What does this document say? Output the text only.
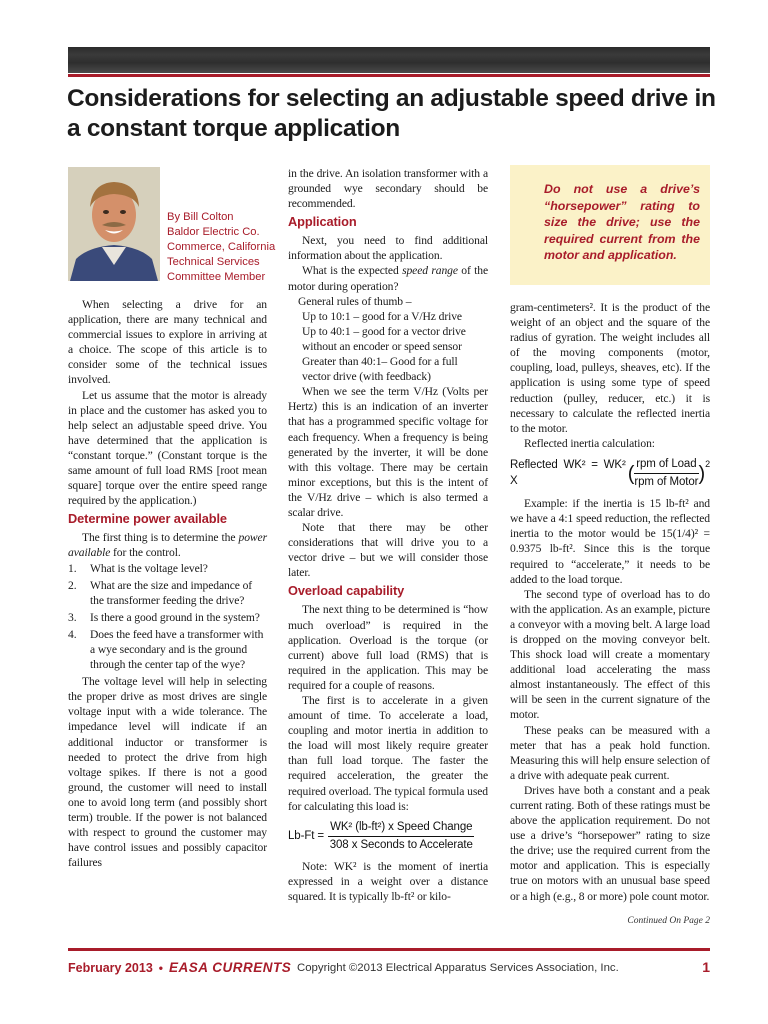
Considerations for selecting an adjustable speed drive in a constant torque application
By Bill Colton
Baldor Electric Co.
Commerce, California
Technical Services
Committee Member

When selecting a drive for an application, there are many technical and commercial issues to explore in arriving at a choice. The scope of this article is to consider some of the technical issues involved.

Let us assume that the motor is already in place and the customer has asked you to help select an adjustable speed drive. You have determined that the application is “constant torque.” (Constant torque is the same amount of full load RMS [root mean square] torque over the entire speed range required by the application.)

Determine power available

The first thing is to determine the power available for the control.

1. What is the voltage level?
2. What are the size and impedance of the transformer feeding the drive?
3. Is there a good ground in the system?
4. Does the feed have a transformer with a wye secondary and is the ground through the center tap of the wye?

The voltage level will help in selecting the proper drive as most drives are single voltage input with a wide tolerance. The impedance level will indicate if an additional inductor or transformer is needed to protect the drive from high voltage spikes. If there is not a good ground, the customer will need to install one to avoid long term (and possibly short term) trouble. If the power is not balanced with respect to ground the customer may have control issues and possibly capacitor failures

in the drive. An isolation transformer with a grounded wye secondary should be recommended.

Application

Next, you need to find additional information about the application.

What is the expected speed range of the motor during operation?

General rules of thumb –

Up to 10:1 – good for a V/Hz drive

Up to 40:1 – good for a vector drive without an encoder or speed sensor

Greater than 40:1– Good for a full vector drive (with feedback)

When we see the term V/Hz (Volts per Hertz) this is an indication of an inverter that has a programmed specific voltage for each frequency. When a frequency is being generated by the inverter, it will be done with this voltage. There may be certain minor exceptions, but this is the intent of the V/Hz drive – which is also termed a scalar drive.

Note that there may be other considerations that will drive you to a vector drive – but we will consider those later.

Overload capability

The next thing to be determined is “how much overload” is required in the application. Overload is the torque (or current) above full load (RMS) that is required in the application. This may be required for a couple of reasons.

The first is to accelerate in a given amount of time. To accelerate a load, coupling and motor inertia in addition to the load will most likely require greater than full load torque. The faster the required acceleration, the greater the required overload. The typical formula used for calculating this load is:

$Lb-Ft = \frac{\text{WK² (lb-ft²) x Speed Change}}{\text{308 x Seconds to Accelerate}}$

Note: WK² is the moment of inertia expressed in a weight over a distance squared. It is typically lb-ft² or kilo-

Do not use a drive’s “horsepower” rating to size the drive; use the required current from the motor and application.

gram-centimeters². It is the product of the weight of an object and the square of the radius of gyration. The weight includes all of the moving components (motor, coupling, load, pulleys, sheaves, etc). If the application is using some type of speed reduction (pulley, reducer, etc.) it is necessary to calculate the reflected inertia to the motor.

Reflected inertia calculation:

Reflected WK² = WK² X	( $\frac{\text{rpm of Load}}{\text{rpm of Motor}} )^2$

Example: if the inertia is 15 lb-ft² and we have a 4:1 speed reduction, the reflected inertia to the motor would be 15(1/4)² = 0.9375 lb-ft². Since this is the torque required to “accelerate,” it needs to be added to the load torque.

The second type of overload has to do with the application. As an example, picture a conveyor with a moving belt. A large load is dropped on the moving conveyor belt. This shock load will create a momentary additional load accelerating the mass almost instantaneously. The effect of this will be seen in the current signature of the motor.

These peaks can be measured with a meter that has a peak hold function. Measuring this will help ensure selection of a drive with adequate peak current.

Drives have both a constant and a peak current rating. Both of these ratings must be above the application requirement. Do not use a drive’s “horsepower” rating to size the drive; use the required current from the motor and application. This is especially true on motors with an unusual base speed or a high (e.g., 8 or more) pole count motor.

Continued On Page 2
February 2013 • EASA CURRENTS Copyright ©2013 Electrical Apparatus Services Association, Inc.	1
